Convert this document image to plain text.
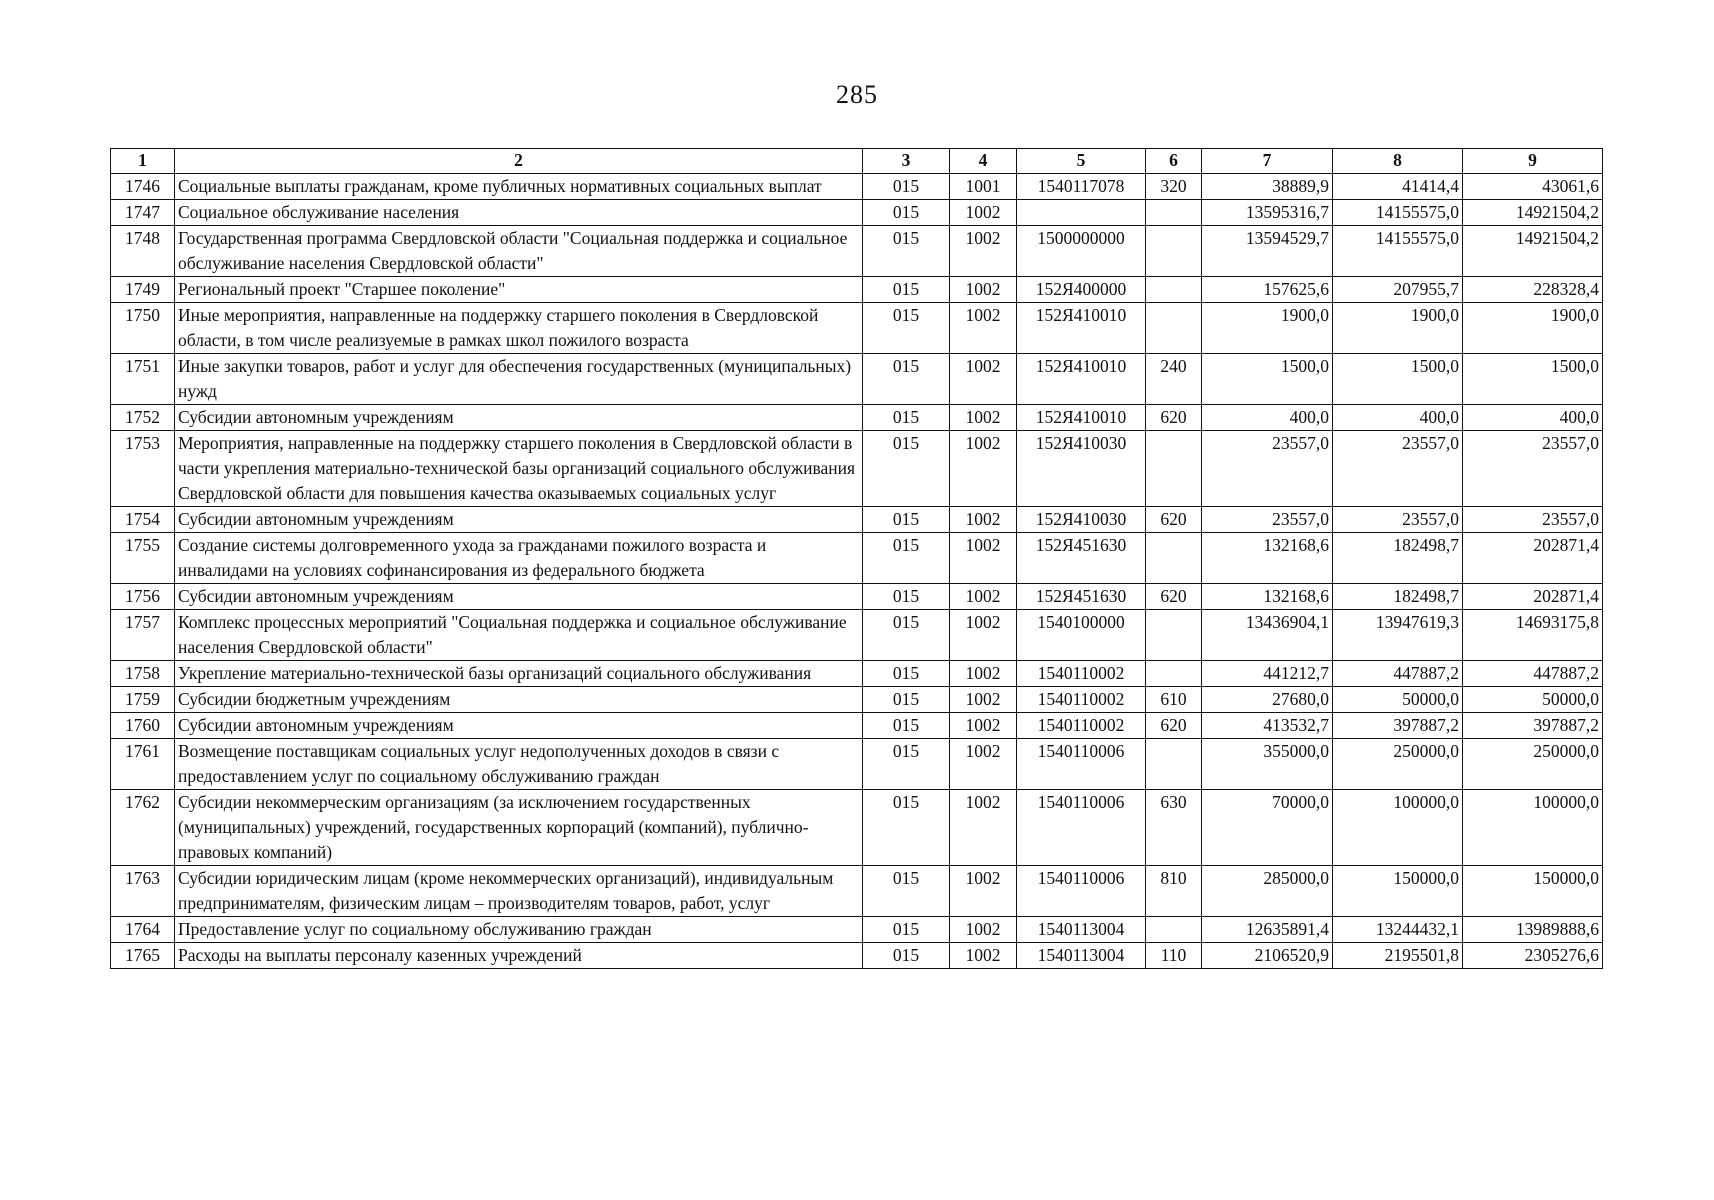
285
1	2	3	4	5	6	7	8	9
1746	Социальные выплаты гражданам, кроме публичных нормативных социальных выплат	015	1001	1540117078	320	38889,9	41414,4	43061,6
1747	Социальное обслуживание населения	015	1002			13595316,7	14155575,0	14921504,2
1748	Государственная программа Свердловской области "Социальная поддержка и социальное обслуживание населения Свердловской области"	015	1002	1500000000		13594529,7	14155575,0	14921504,2
1749	Региональный проект "Старшее поколение"	015	1002	152Я400000		157625,6	207955,7	228328,4
1750	Иные мероприятия, направленные на поддержку старшего поколения в Свердловской области, в том числе реализуемые в рамках школ пожилого возраста	015	1002	152Я410010		1900,0	1900,0	1900,0
1751	Иные закупки товаров, работ и услуг для обеспечения государственных (муниципальных) нужд	015	1002	152Я410010	240	1500,0	1500,0	1500,0
1752	Субсидии автономным учреждениям	015	1002	152Я410010	620	400,0	400,0	400,0
1753	Мероприятия, направленные на поддержку старшего поколения в Свердловской области в части укрепления материально-технической базы организаций социального обслуживания Свердловской области для повышения качества оказываемых социальных услуг	015	1002	152Я410030		23557,0	23557,0	23557,0
1754	Субсидии автономным учреждениям	015	1002	152Я410030	620	23557,0	23557,0	23557,0
1755	Создание системы долговременного ухода за гражданами пожилого возраста и инвалидами на условиях софинансирования из федерального бюджета	015	1002	152Я451630		132168,6	182498,7	202871,4
1756	Субсидии автономным учреждениям	015	1002	152Я451630	620	132168,6	182498,7	202871,4
1757	Комплекс процессных мероприятий "Социальная поддержка и социальное обслуживание населения Свердловской области"	015	1002	1540100000		13436904,1	13947619,3	14693175,8
1758	Укрепление материально-технической базы организаций социального обслуживания	015	1002	1540110002		441212,7	447887,2	447887,2
1759	Субсидии бюджетным учреждениям	015	1002	1540110002	610	27680,0	50000,0	50000,0
1760	Субсидии автономным учреждениям	015	1002	1540110002	620	413532,7	397887,2	397887,2
1761	Возмещение поставщикам социальных услуг недополученных доходов в связи с предоставлением услуг по социальному обслуживанию граждан	015	1002	1540110006		355000,0	250000,0	250000,0
1762	Субсидии некоммерческим организациям (за исключением государственных (муниципальных) учреждений, государственных корпораций (компаний), публично-правовых компаний)	015	1002	1540110006	630	70000,0	100000,0	100000,0
1763	Субсидии юридическим лицам (кроме некоммерческих организаций), индивидуальным предпринимателям, физическим лицам – производителям товаров, работ, услуг	015	1002	1540110006	810	285000,0	150000,0	150000,0
1764	Предоставление услуг по социальному обслуживанию граждан	015	1002	1540113004		12635891,4	13244432,1	13989888,6
1765	Расходы на выплаты персоналу казенных учреждений	015	1002	1540113004	110	2106520,9	2195501,8	2305276,6
